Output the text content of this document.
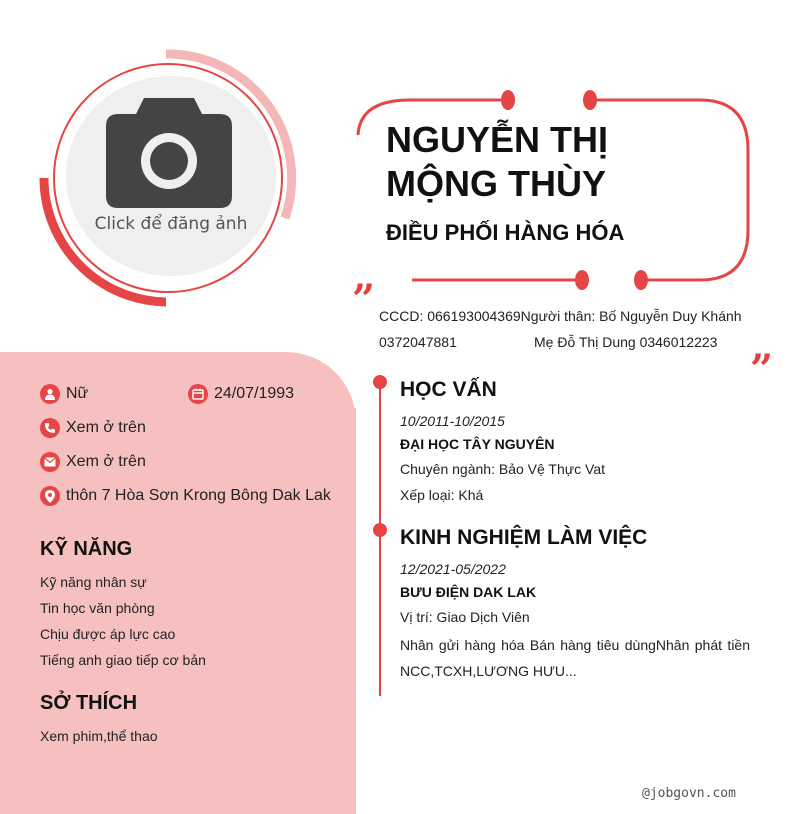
Click để đăng ảnh
NGUYỄN THỊ
MỘNG THÙY
ĐIỀU PHỐI HÀNG HÓA
”
”
CCCD: 066193004369Người thân: Bố Nguyễn Duy Khánh
0372047881	Mẹ Đỗ Thị Dung 0346012223
Nữ	24/07/1993
Xem ở trên
Xem ở trên
thôn 7 Hòa Sơn Krong Bông Dak Lak
KỸ NĂNG
Kỹ năng nhân sự
Tin học văn phòng
Chịu được áp lực cao
Tiếng anh giao tiếp cơ bản
SỞ THÍCH
Xem phim,thể thao
HỌC VẤN
10/2011-10/2015
ĐẠI HỌC TÂY NGUYÊN
Chuyên ngành: Bảo Vệ Thực Vat
Xếp loại: Khá
KINH NGHIỆM LÀM VIỆC
12/2021-05/2022
BƯU ĐIỆN DAK LAK
Vị trí: Giao Dịch Viên
Nhân gửi hàng hóa Bán hàng tiêu dùngNhân phát tiền NCC,TCXH,LƯƠNG HƯU...
@jobgovn.com
